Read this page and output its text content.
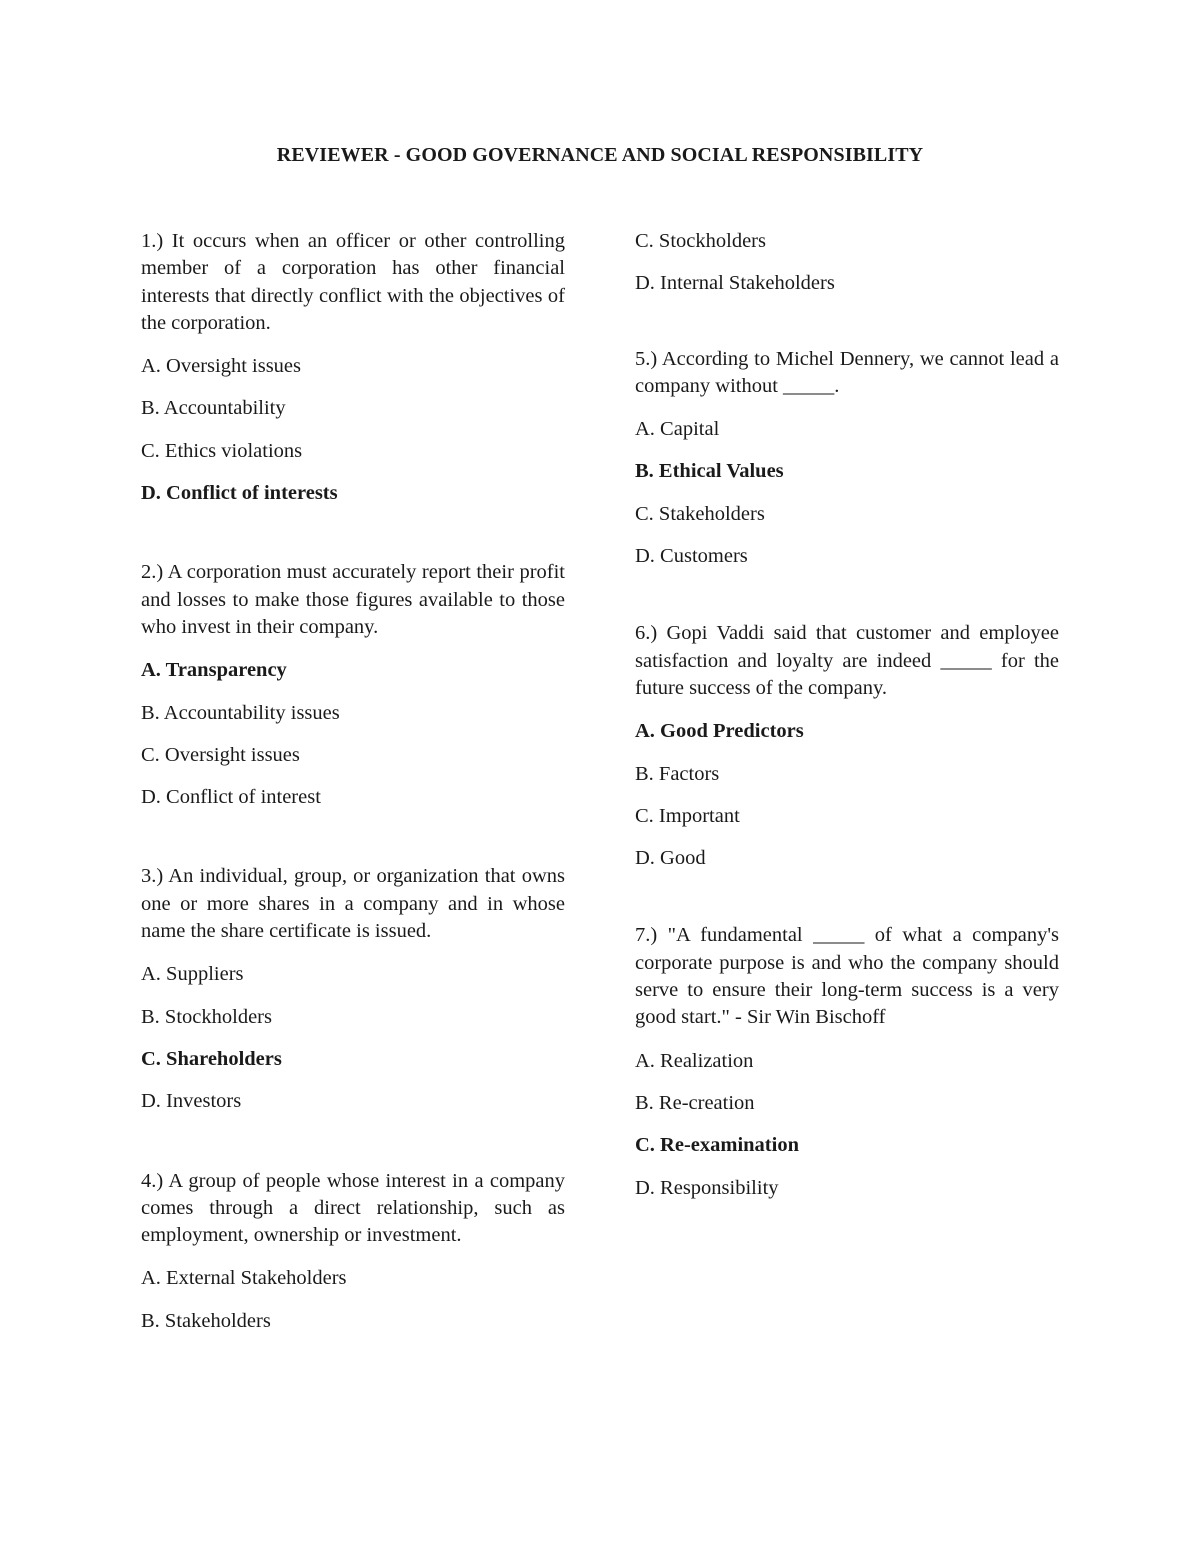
REVIEWER - GOOD GOVERNANCE AND SOCIAL RESPONSIBILITY

1.) It occurs when an officer or other controlling member of a corporation has other financial interests that directly conflict with the objectives of the corporation.

A. Oversight issues

B. Accountability

C. Ethics violations

D. Conflict of interests

2.) A corporation must accurately report their profit and losses to make those figures available to those who invest in their company.

A. Transparency

B. Accountability issues

C. Oversight issues

D. Conflict of interest

3.) An individual, group, or organization that owns one or more shares in a company and in whose name the share certificate is issued.

A. Suppliers

B. Stockholders

C. Shareholders

D. Investors

4.) A group of people whose interest in a company comes through a direct relationship, such as employment, ownership or investment.

A. External Stakeholders

B. Stakeholders

C. Stockholders

D. Internal Stakeholders

5.) According to Michel Dennery, we cannot lead a company without _____.

A. Capital

B. Ethical Values

C. Stakeholders

D. Customers

6.) Gopi Vaddi said that customer and employee satisfaction and loyalty are indeed _____ for the future success of the company.

A. Good Predictors

B. Factors

C. Important

D. Good

7.) "A fundamental _____ of what a company's corporate purpose is and who the company should serve to ensure their long-term success is a very good start." - Sir Win Bischoff

A. Realization

B. Re-creation

C. Re-examination

D. Responsibility
